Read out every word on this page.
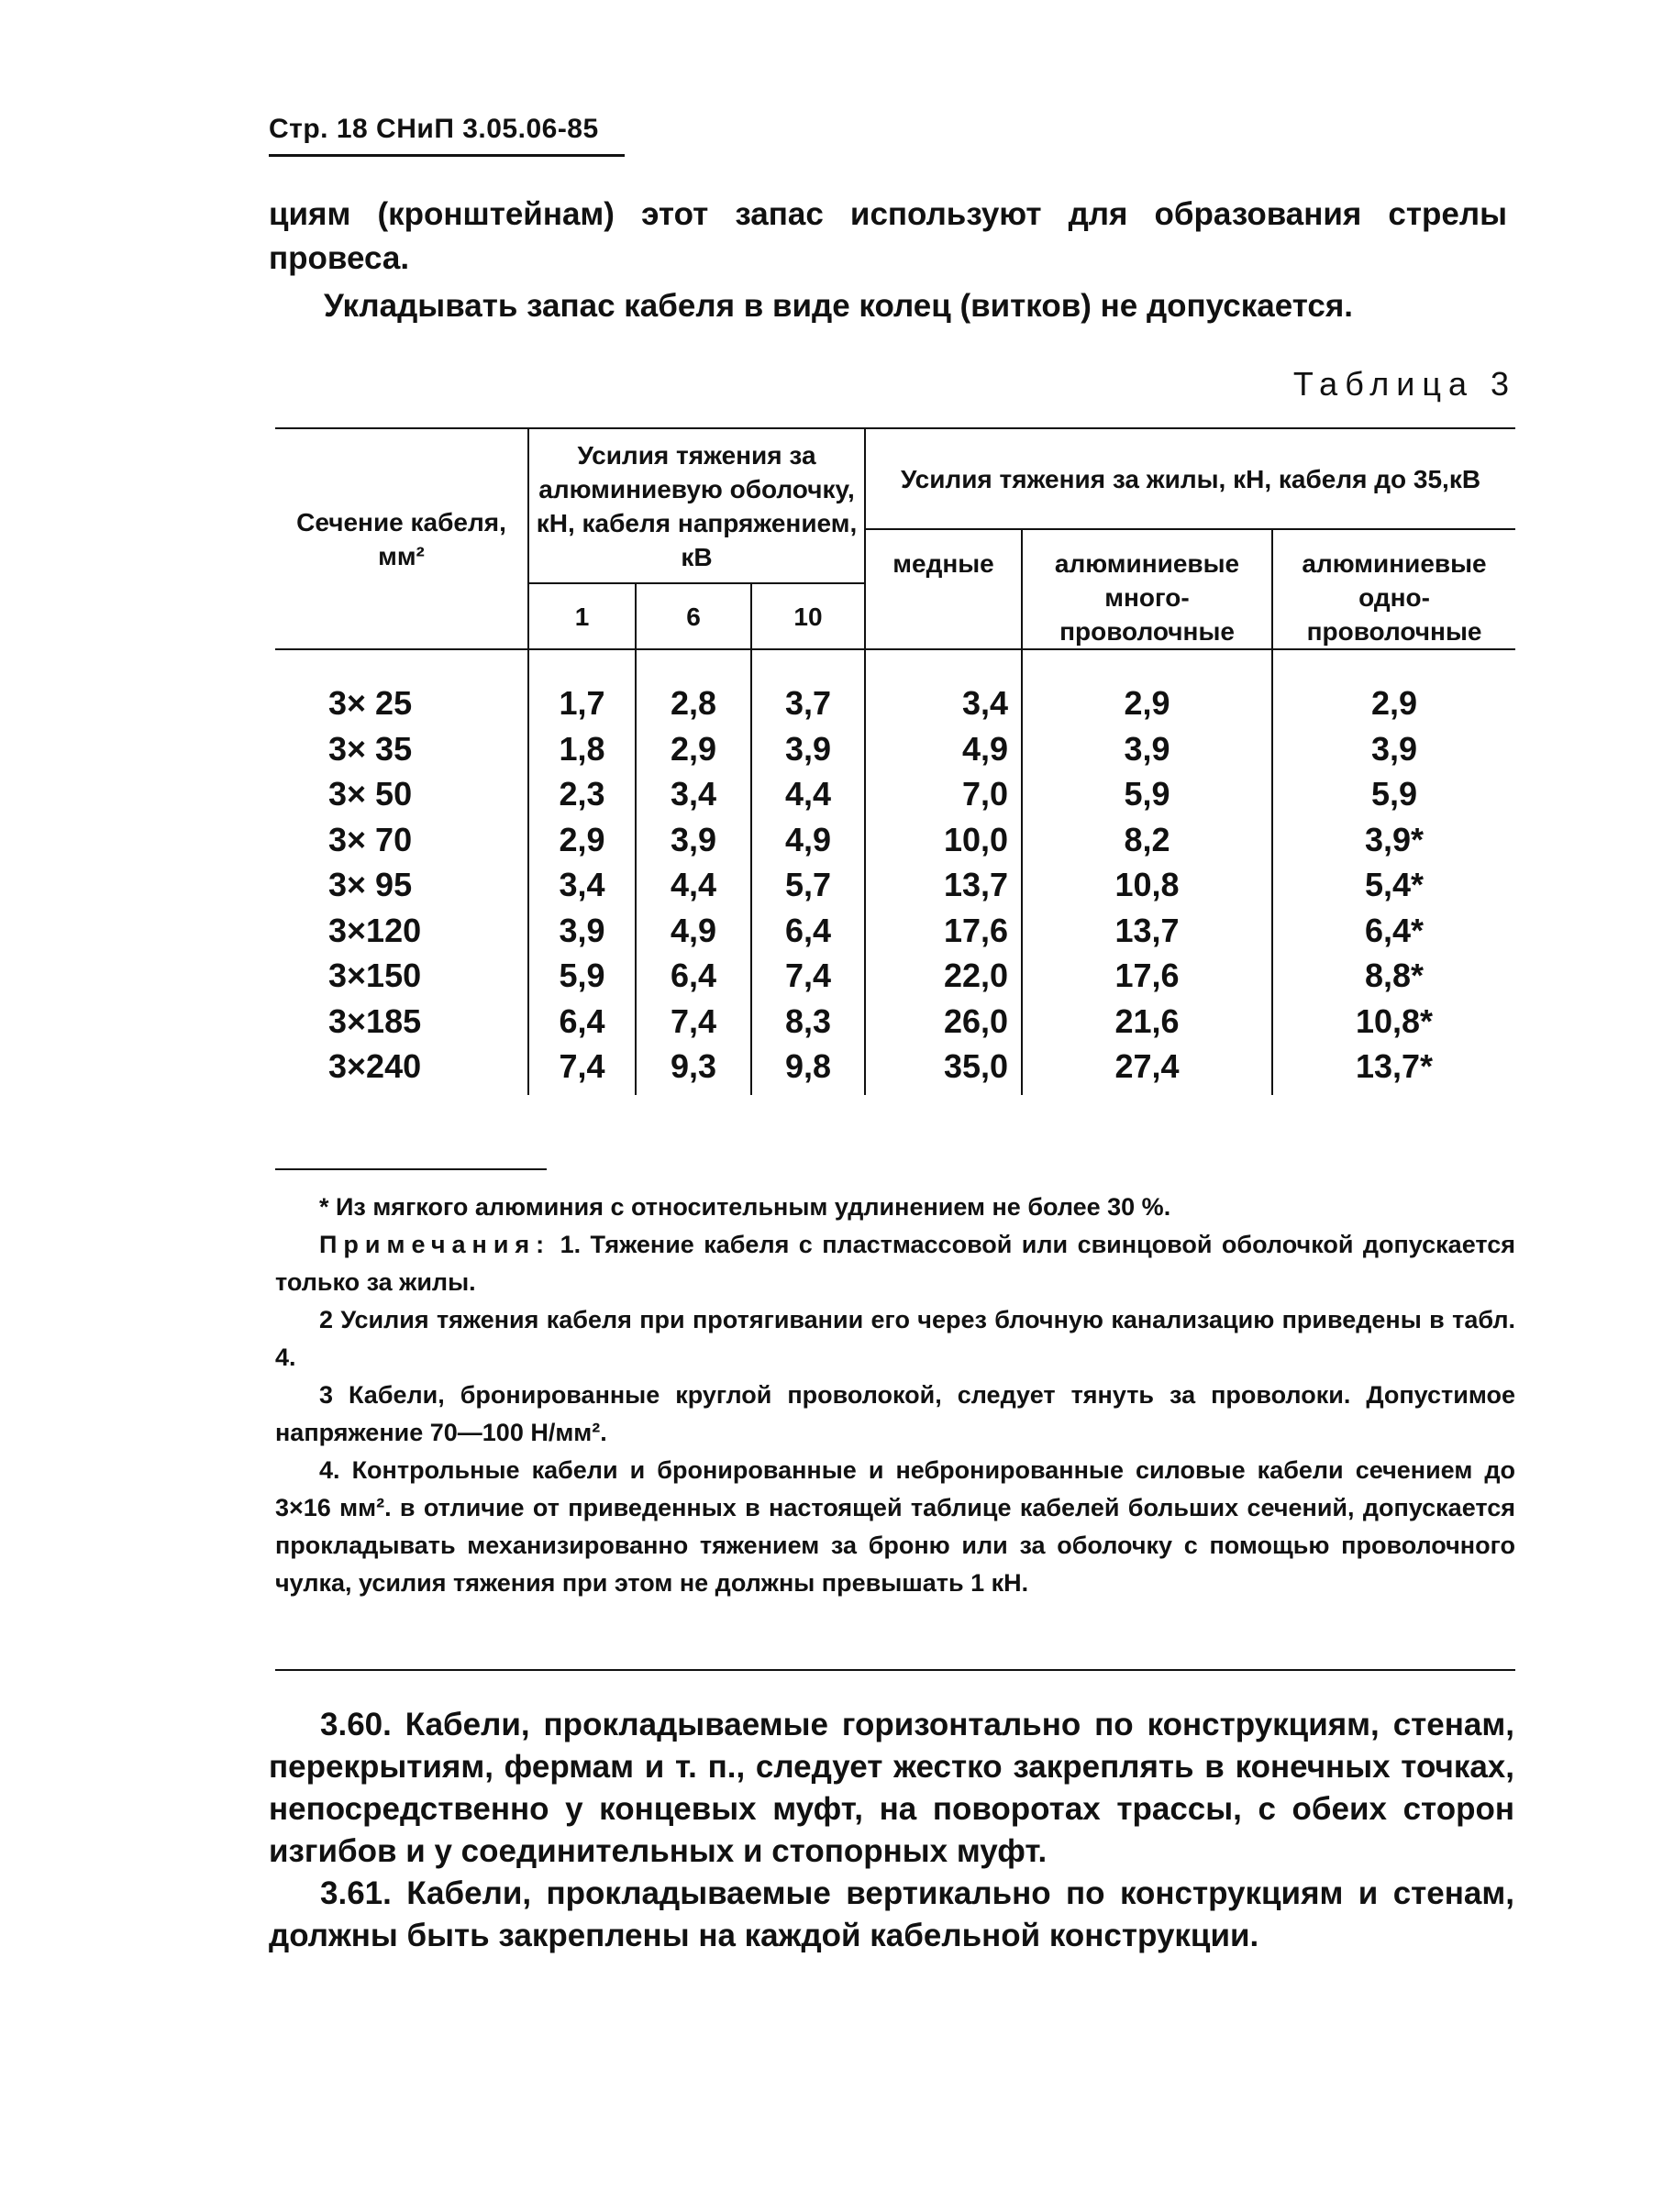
Стр. 18 СНиП 3.05.06-85
циям (кронштейнам) этот запас используют для образования стрелы провеса.
Укладывать запас кабеля в виде колец (витков) не допускается.
Таблица 3
Сечение кабеля, мм²	Усилия тяжения за алюминиевую оболочку, кН, кабеля напряжением, кВ			Усилия тяжения за жилы, кН, кабеля до 35,кВ		
				медные	алюминиевые много-проволочные	алюминиевые одно-проволочные
	1	6	10			
3× 25	1,7	2,8	3,7	3,4	2,9	2,9
3× 35	1,8	2,9	3,9	4,9	3,9	3,9
3× 50	2,3	3,4	4,4	7,0	5,9	5,9
3× 70	2,9	3,9	4,9	10,0	8,2	3,9*
3× 95	3,4	4,4	5,7	13,7	10,8	5,4*
3×120	3,9	4,9	6,4	17,6	13,7	6,4*
3×150	5,9	6,4	7,4	22,0	17,6	8,8*
3×185	6,4	7,4	8,3	26,0	21,6	10,8*
3×240	7,4	9,3	9,8	35,0	27,4	13,7*

* Из мягкого алюминия с относительным удлинением не более 30 %.

Примечания: 1. Тяжение кабеля с пластмассовой или свинцовой оболочкой допускается только за жилы.

2 Усилия тяжения кабеля при протягивании его через блочную канализацию приведены в табл. 4.

3 Кабели, бронированные круглой проволокой, следует тянуть за проволоки. Допустимое напряжение 70—100 Н/мм².

4. Контрольные кабели и бронированные и небронированные силовые кабели сечением до 3×16 мм². в отличие от приведенных в настоящей таблице кабелей больших сечений, допускается прокладывать механизированно тяжением за броню или за оболочку с помощью проволочного чулка, усилия тяжения при этом не должны превышать 1 кН.

3.60. Кабели, прокладываемые горизонтально по конструкциям, стенам, перекрытиям, фермам и т. п., следует жестко закреплять в конечных точках, непосредственно у концевых муфт, на поворотах трассы, с обеих сторон изгибов и у соединительных и стопорных муфт.
3.61. Кабели, прокладываемые вертикально по конструкциям и стенам, должны быть закреплены на каждой кабельной конструкции.
